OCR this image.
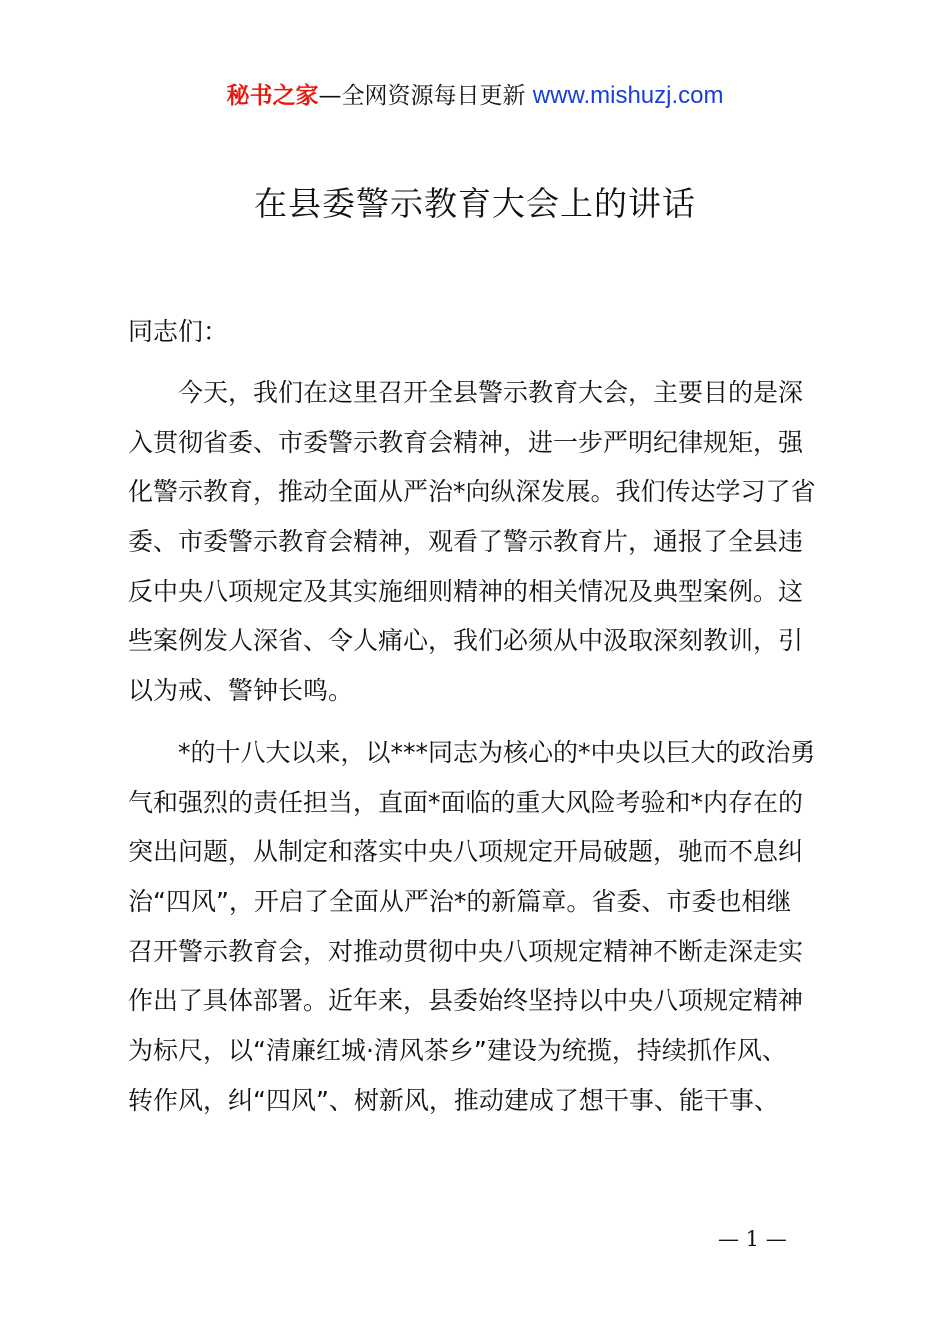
秘书之家—全网资源每日更新 www.mishuzj.com
在县委警示教育大会上的讲话
同志们：
　　今天，我们在这里召开全县警示教育大会，主要目的是深
入贯彻省委、市委警示教育会精神，进一步严明纪律规矩，强
化警示教育，推动全面从严治*向纵深发展。我们传达学习了省
委、市委警示教育会精神，观看了警示教育片，通报了全县违
反中央八项规定及其实施细则精神的相关情况及典型案例。这
些案例发人深省、令人痛心，我们必须从中汲取深刻教训，引
以为戒、警钟长鸣。
　　*的十八大以来，以***同志为核心的*中央以巨大的政治勇
气和强烈的责任担当，直面*面临的重大风险考验和*内存在的
突出问题，从制定和落实中央八项规定开局破题，驰而不息纠
治“四风”，开启了全面从严治*的新篇章。省委、市委也相继
召开警示教育会，对推动贯彻中央八项规定精神不断走深走实
作出了具体部署。近年来，县委始终坚持以中央八项规定精神
为标尺，以“清廉红城·清风茶乡”建设为统揽，持续抓作风、
转作风，纠“四风”、树新风，推动建成了想干事、能干事、
— 1 —
